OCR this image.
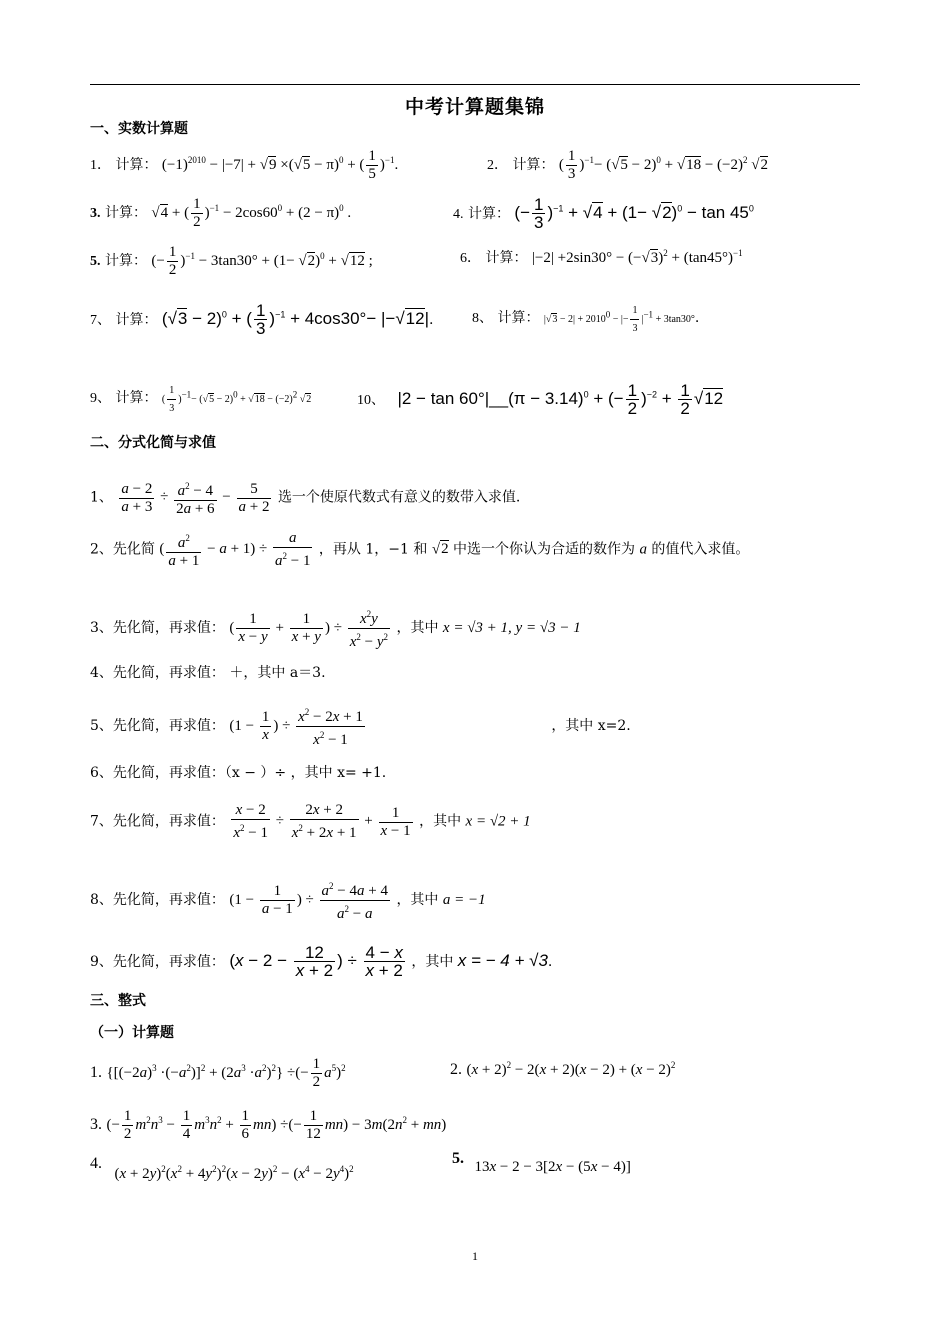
中考计算题集锦
一、实数计算题
1． 计算： $(-1)^{2010} - |-7| + √9 \times(√5 - \pi)^0$ + ( $\frac{1}{5} )^{-1}$.	2． 计算： ( $\frac{1}{3} )^{-1}- (√5 - 2)^0 + √18 - (-2)^2$ √2
3. 计算： √4 + ( $\frac{1}{2} )^{-1} - 2\cos 60^0 + (2 - \pi)^0$ .	4. 计算： (− $\frac{1}{3} )^{-1} + √4 + (1- √2)^0 - \tan 45^0$
5. 计算： (− $\frac{1}{2} )^{-1} - 3\tan 30^\circ + (1- √2)^0 + √12$ ;	6． 计算： $|-2| +2\sin 30^\circ - (-√3)^2 + (\tan 45^\circ)^{-1}$
7、 计算： $(√3 - 2)^0$ + ( $\frac{1}{3} )^{-1} + 4\cos 30^\circ- |-√12|$.	8、 计算： $|√3 - 2| + 2010^0$ − |− $\frac{1}{3} |^{-1} + 3\tan 30^\circ$.
9、 计算： ( $\frac{1}{3} )^{-1}- (√5 - 2)^0 + √18 - (-2)^2$ √2	10、 |2 − tan 60°|__(π − 3.14)$^0$ + (− $\frac{1}{2} )^{-2} + \frac{1}{2} √12$
二、分式化简与求值
1、 $\frac{a - 2}{a + 3} \div \frac{a^2 - 4}{2a + 6} - \frac{5}{a + 2}$ 选一个使原代数式有意义的数带入求值.
2、先化简 ( $\frac{a^2}{a + 1} - a + 1) \div \frac{a}{a^2 - 1}$ ，再从 1，−1 和 √2 中选一个你认为合适的数作为 a 的值代入求值。
3、先化简，再求值： ( $\frac{1}{x - y} + \frac{1}{x + y}$ ) ÷ $\frac{x^2y}{x^2 - y^2}$ ，其中 x = √3 + 1, y = √3 − 1
4、先化简，再求值： ＋，其中 a＝3.
5、先化简，再求值： ($1 - \frac{1}{x}$ ) ÷ $\frac{x^2 - 2x + 1}{x^2 - 1}$	，其中 x=2.
6、先化简，再求值：（x − ）÷ ，其中 x= +1.
7、先化简，再求值： $\frac{x - 2}{x^2 - 1} \div \frac{2x + 2}{x^2 + 2x + 1} + \frac{1}{x - 1}$ ，其中 x = √2 + 1
8、先化简，再求值： ($1 - \frac{1}{a - 1}$ ) ÷ $\frac{a^2 - 4a + 4}{a^2 - a}$ ，其中 a = −1
9、先化简，再求值： ($x - 2 - \frac{12}{x + 2}$ ) ÷ $\frac{4 - x}{x + 2}$ ，其中 x = − 4 + √3.
三、整式
（一）计算题
1. $\{[(-2a)^3 \cdot(-a^2)]^2 + (2a^3 \cdot a^2)^2\}$ ÷(− $\frac{1}{2} a^5)^2$	2. $(x + 2)^2 - 2(x + 2)(x - 2) + (x - 2)^2$
3. (− $\frac{1}{2} m^2n^3 - \frac{1}{4} m^3n^2 + \frac{1}{6} mn$) ÷(− $\frac{1}{12} mn) - 3m(2n^2 + mn)$
4. $(x + 2y)^2(x^2 + 4y^2)^2(x - 2y)^2 - (x^4 - 2y^4)^2$
5. 13x − 2 − 3[2x − (5x − 4)]
1
